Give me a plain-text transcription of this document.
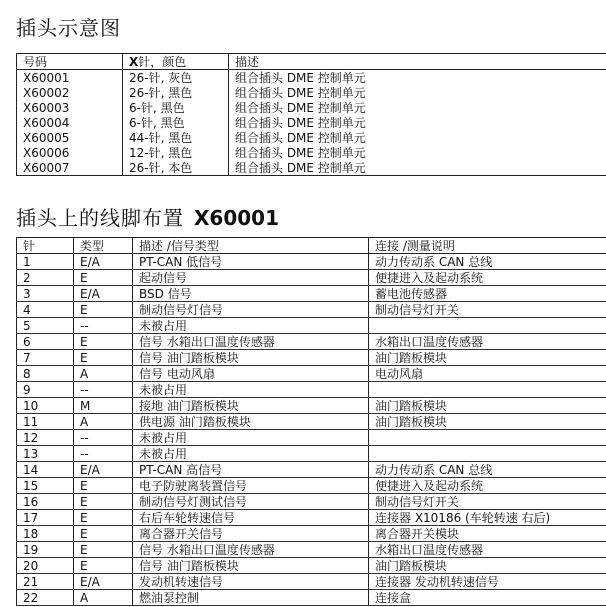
插头示意图
号码	X针，颜色	描述
X60001	26-针, 灰色	组合插头 DME 控制单元
X60002	26-针, 黑色	组合插头 DME 控制单元
X60003	6-针, 黑色	组合插头 DME 控制单元
X60004	6-针, 黑色	组合插头 DME 控制单元
X60005	44-针, 黑色	组合插头 DME 控制单元
X60006	12-针, 黑色	组合插头 DME 控制单元
X60007	26-针, 本色	组合插头 DME 控制单元
插头上的线脚布置 X60001
针	类型	描述 /信号类型	连接 /测量说明
1	E/A	PT-CAN 低信号	动力传动系 CAN 总线
2	E	起动信号	便捷进入及起动系统
3	E/A	BSD 信号	蓄电池传感器
4	E	制动信号灯信号	制动信号灯开关
5	--	未被占用	
6	E	信号 水箱出口温度传感器	水箱出口温度传感器
7	E	信号 油门踏板模块	油门踏板模块
8	A	信号 电动风扇	电动风扇
9	--	未被占用	
10	M	接地 油门踏板模块	油门踏板模块
11	A	供电源 油门踏板模块	油门踏板模块
12	--	未被占用	
13	--	未被占用	
14	E/A	PT-CAN 高信号	动力传动系 CAN 总线
15	E	电子防驶离装置信号	便捷进入及起动系统
16	E	制动信号灯测试信号	制动信号灯开关
17	E	右后车轮转速信号	连接器 X10186 (车轮转速 右后)
18	E	离合器开关信号	离合器开关模块
19	E	信号 水箱出口温度传感器	水箱出口温度传感器
20	E	信号 油门踏板模块	油门踏板模块
21	E/A	发动机转速信号	连接器 发动机转速信号
22	A	燃油泵控制	连接盒
